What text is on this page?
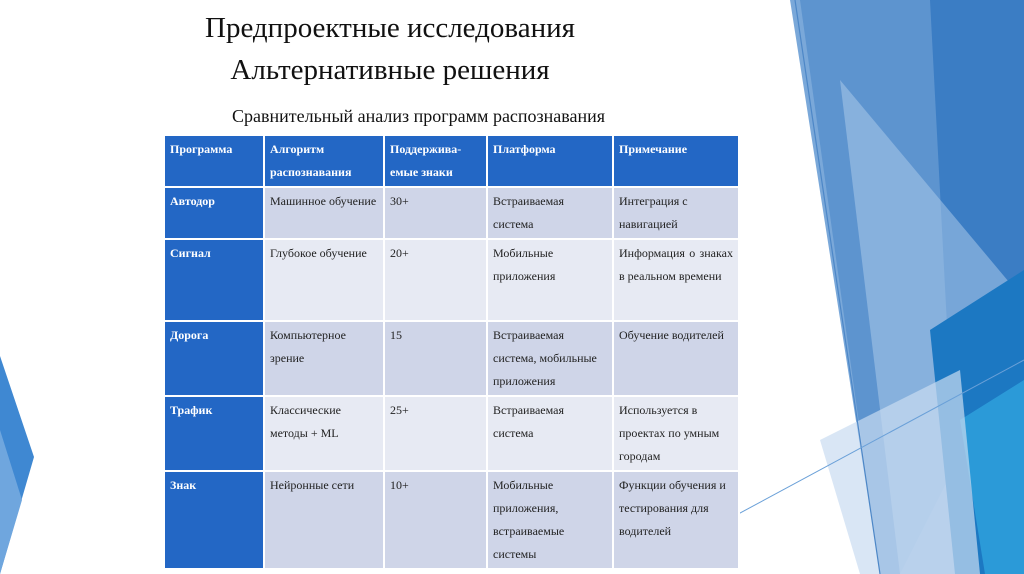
Предпроектные исследования
Альтернативные решения

Сравнительный анализ программ распознавания

Программа	Алгоритм распознавания	Поддержива-емые знаки	Платформа	Примечание
Автодор	Машинное обучение	30+	Встраиваемая система	Интеграция с навигацией
Сигнал	Глубокое обучение	20+	Мобильные приложения	Информация о знаках в реальном времени
Дорога	Компьютерное зрение	15	Встраиваемая система, мобильные приложения	Обучение водителей
Трафик	Классические методы + ML	25+	Встраиваемая система	Используется в проектах по умным городам
Знак	Нейронные сети	10+	Мобильные приложения, встраиваемые системы	Функции обучения и тестирования для водителей
